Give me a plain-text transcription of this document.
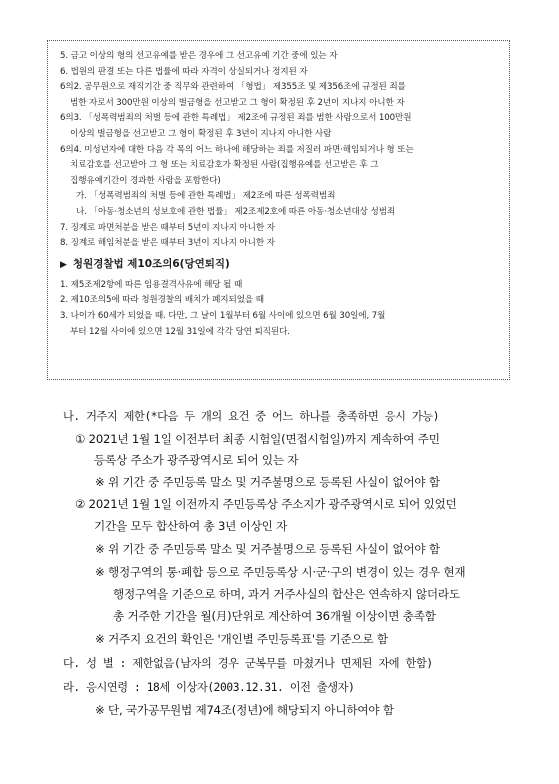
5. 금고 이상의 형의 선고유예를 받은 경우에 그 선고유예 기간 중에 있는 자
6. 법원의 판결 또는 다른 법률에 따라 자격이 상실되거나 정지된 자
6의2. 공무원으로 재직기간 중 직무와 관련하여 「형법」 제355조 및 제356조에 규정된 죄를
범한 자로서 300만원 이상의 벌금형을 선고받고 그 형이 확정된 후 2년이 지나지 아니한 자
6의3. 「성폭력범죄의 처벌 등에 관한 특례법」 제2조에 규정된 죄를 범한 사람으로서 100만원
이상의 벌금형을 선고받고 그 형이 확정된 후 3년이 지나지 아니한 사람
6의4. 미성년자에 대한 다음 각 목의 어느 하나에 해당하는 죄를 저질러 파면·해임되거나 형 또는
치료감호를 선고받아 그 형 또는 치료감호가 확정된 사람(집행유예를 선고받은 후 그
집행유예기간이 경과한 사람을 포함한다)
가. 「성폭력범죄의 처벌 등에 관한 특례법」 제2조에 따른 성폭력범죄
나. 「아동·청소년의 성보호에 관한 법률」 제2조제2호에 따른 아동·청소년대상 성범죄
7. 징계로 파면처분을 받은 때부터 5년이 지나지 아니한 자
8. 징계로 해임처분을 받은 때부터 3년이 지나지 아니한 자
▶ 청원경찰법 제10조의6(당연퇴직)
1. 제5조제2항에 따른 임용결격사유에 해당 될 때
2. 제10조의5에 따라 청원경찰의 배치가 폐지되었을 때
3. 나이가 60세가 되었을 때. 다만, 그 날이 1월부터 6월 사이에 있으면 6월 30일에, 7월
부터 12월 사이에 있으면 12월 31일에 각각 당연 퇴직된다.
나. 거주지 제한(*다음 두 개의 요건 중 어느 하나를 충족하면 응시 가능)
① 2021년 1월 1일 이전부터 최종 시험일(면접시험일)까지 계속하여 주민
등록상 주소가 광주광역시로 되어 있는 자
※ 위 기간 중 주민등록 말소 및 거주불명으로 등록된 사실이 없어야 함
② 2021년 1월 1일 이전까지 주민등록상 주소지가 광주광역시로 되어 있었던
기간을 모두 합산하여 총 3년 이상인 자
※ 위 기간 중 주민등록 말소 및 거주불명으로 등록된 사실이 없어야 함
※ 행정구역의 통·폐합 등으로 주민등록상 시·군·구의 변경이 있는 경우 현재
행정구역을 기준으로 하며, 과거 거주사실의 합산은 연속하지 않더라도
총 거주한 기간을 월(月)단위로 계산하여 36개월 이상이면 충족함
※ 거주지 요건의 확인은 '개인별 주민등록표'를 기준으로 함
다. 성 별 : 제한없음(남자의 경우 군복무를 마쳤거나 면제된 자에 한함)
라. 응시연령 : 18세 이상자(2003.12.31. 이전 출생자)
※ 단, 국가공무원법 제74조(정년)에 해당되지 아니하여야 함
